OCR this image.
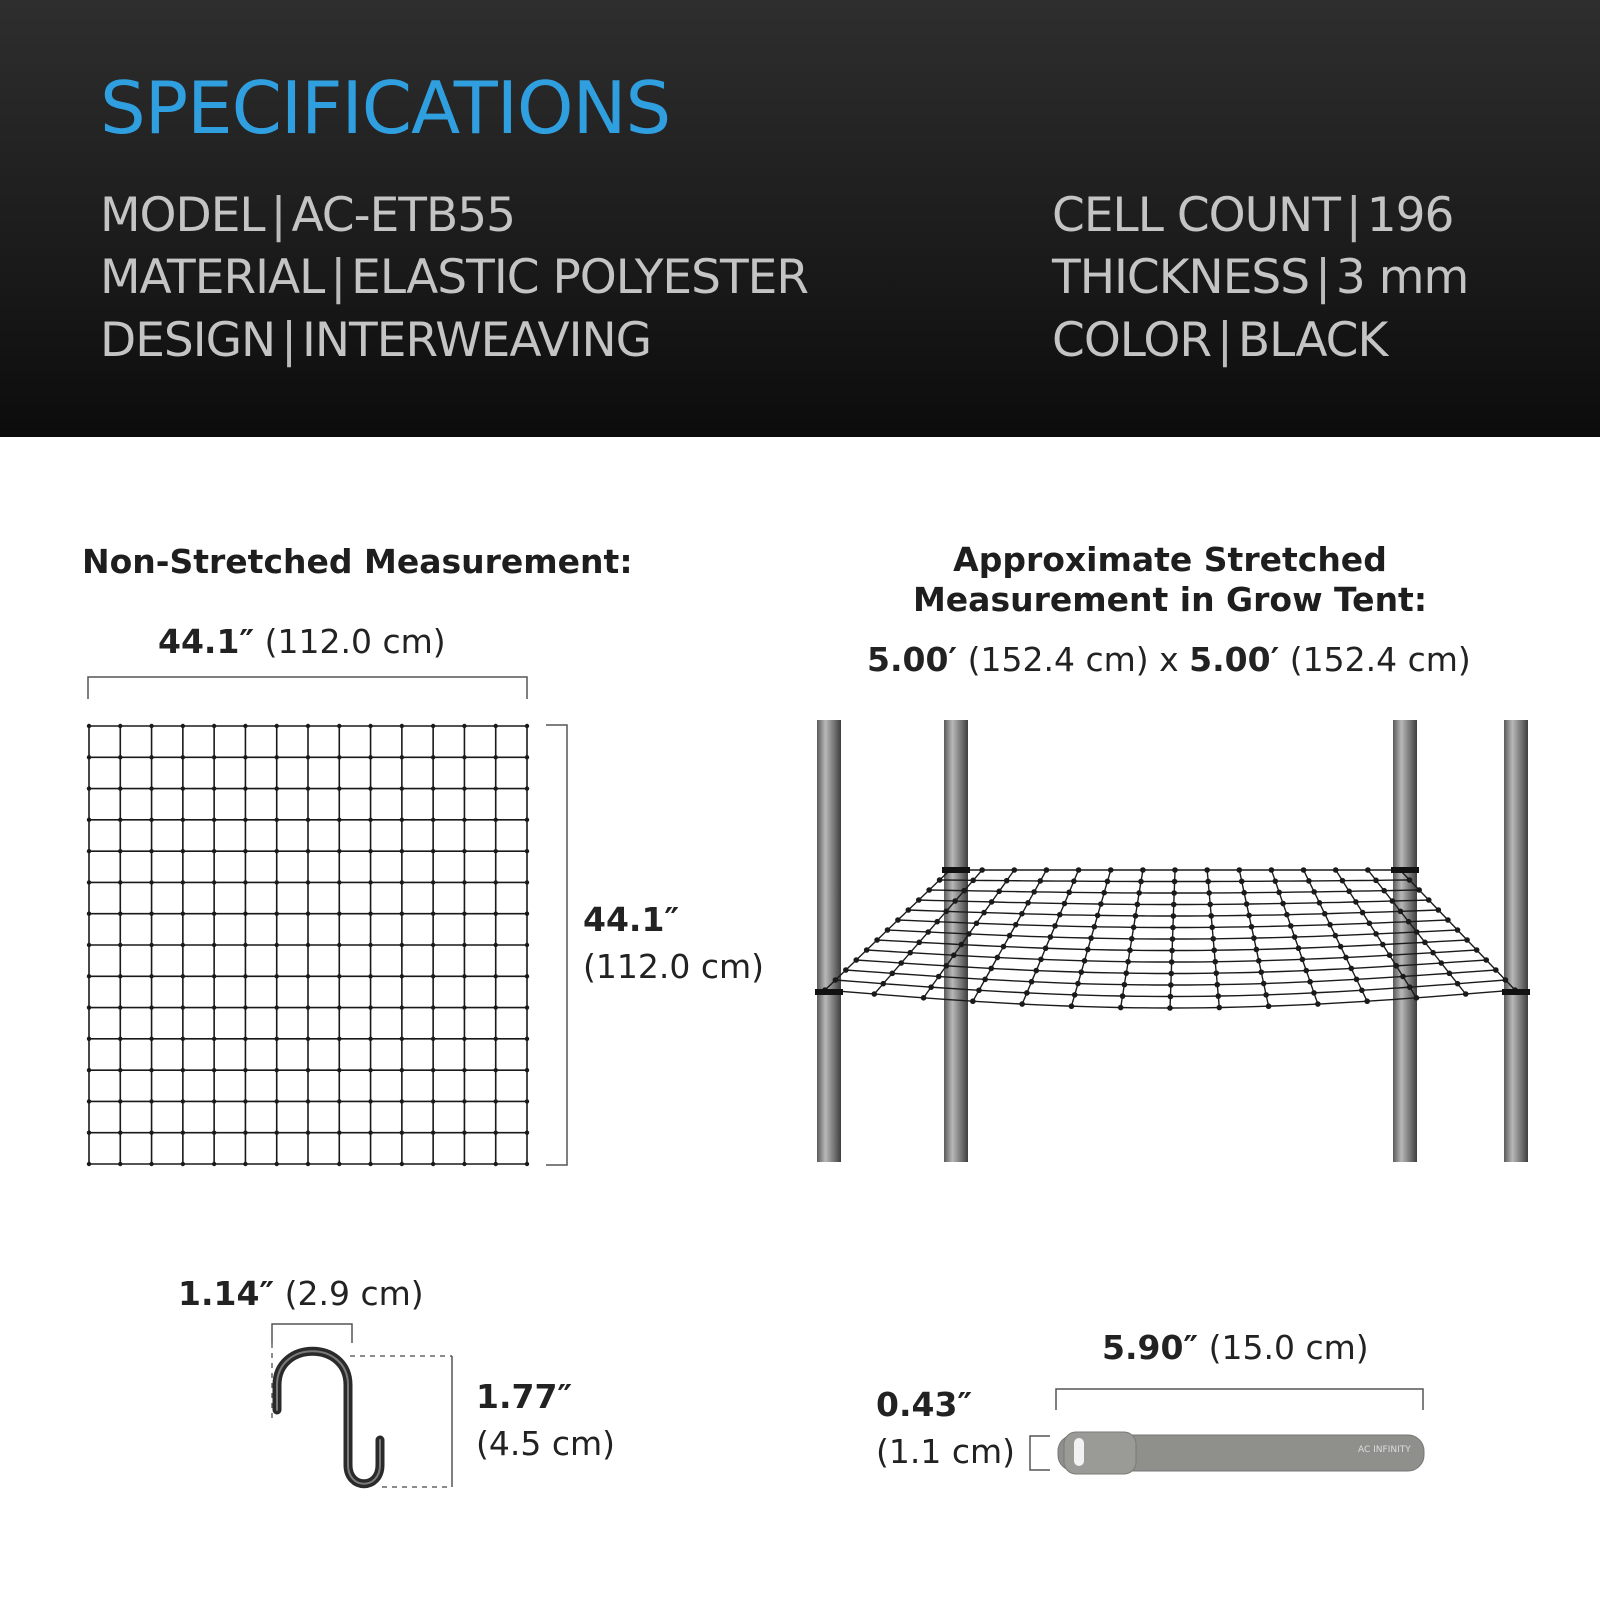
SPECIFICATIONS
MODEL | AC-ETB55
MATERIAL | ELASTIC POLYESTER
DESIGN | INTERWEAVING
CELL COUNT | 196
THICKNESS | 3 mm
COLOR | BLACK
Non-Stretched Measurement:
44.1″ (112.0 cm)
44.1″
(112.0 cm)
Approximate Stretched
Measurement in Grow Tent:
5.00′ (152.4 cm) x 5.00′ (152.4 cm)
1.14″ (2.9 cm)
1.77″
(4.5 cm)
5.90″ (15.0 cm)
AC INFINITY
0.43″
(1.1 cm)
